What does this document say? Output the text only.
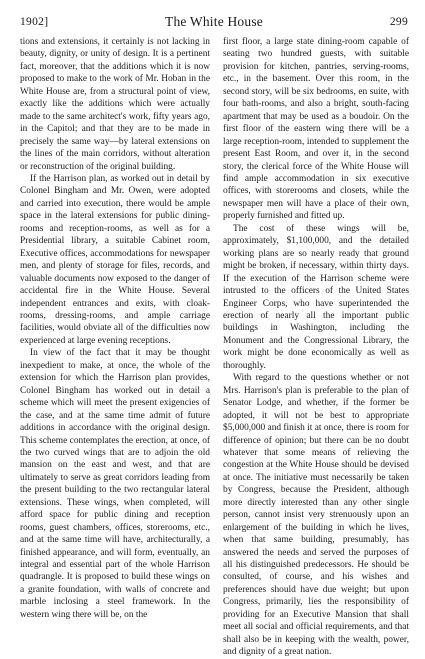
1902]	The White House	299

tions and extensions, it certainly is not lacking in beauty, dignity, or unity of design. It is a pertinent fact, moreover, that the additions which it is now proposed to make to the work of Mr. Hoban in the White House are, from a structural point of view, exactly like the additions which were actually made to the same architect's work, fifty years ago, in the Capitol; and that they are to be made in precisely the same way—by lateral extensions on the lines of the main corridors, without alteration or reconstruction of the original building.

If the Harrison plan, as worked out in detail by Colonel Bingham and Mr. Owen, were adopted and carried into execution, there would be ample space in the lateral extensions for public dining-rooms and reception-rooms, as well as for a Presidential library, a suitable Cabinet room, Executive offices, accommodations for newspaper men, and plenty of storage for files, records, and valuable documents now exposed to the danger of accidental fire in the White House. Several independent entrances and exits, with cloak-rooms, dressing-rooms, and ample carriage facilities, would obviate all of the difficulties now experienced at large evening receptions.

In view of the fact that it may be thought inexpedient to make, at once, the whole of the extension for which the Harrison plan provides, Colonel Bingham has worked out in detail a scheme which will meet the present exigencies of the case, and at the same time admit of future additions in accordance with the original design. This scheme contemplates the erection, at once, of the two curved wings that are to adjoin the old mansion on the east and west, and that are ultimately to serve as great corridors leading from the present building to the two rectangular lateral extensions. These wings, when completed, will afford space for public dining and reception rooms, guest chambers, offices, storerooms, etc., and at the same time will have, architecturally, a finished appearance, and will form, eventually, an integral and essential part of the whole Harrison quadrangle. It is proposed to build these wings on a granite foundation, with walls of concrete and marble inclosing a steel framework. In the western wing there will be, on the

first floor, a large state dining-room capable of seating two hundred guests, with suitable provision for kitchen, pantries, serving-rooms, etc., in the basement. Over this room, in the second story, will be six bedrooms, en suite, with four bath-rooms, and also a bright, south-facing apartment that may be used as a boudoir. On the first floor of the eastern wing there will be a large reception-room, intended to supplement the present East Room, and over it, in the second story, the clerical force of the White House will find ample accommodation in six executive offices, with storerooms and closets, while the newspaper men will have a place of their own, properly furnished and fitted up.

The cost of these wings will be, approximately, $1,100,000, and the detailed working plans are so nearly ready that ground might be broken, if necessary, within thirty days. If the execution of the Harrison scheme were intrusted to the officers of the United States Engineer Corps, who have superintended the erection of nearly all the important public buildings in Washington, including the Monument and the Congressional Library, the work might be done economically as well as thoroughly.

With regard to the questions whether or not Mrs. Harrison's plan is preferable to the plan of Senator Lodge, and whether, if the former be adopted, it will not be best to appropriate $5,000,000 and finish it at once, there is room for difference of opinion; but there can be no doubt whatever that some means of relieving the congestion at the White House should be devised at once. The initiative must necessarily be taken by Congress, because the President, although more directly interested than any other single person, cannot insist very strenuously upon an enlargement of the building in which he lives, when that same building, presumably, has answered the needs and served the purposes of all his distinguished predecessors. He should be consulted, of course, and his wishes and preferences should have due weight; but upon Congress, primarily, lies the responsibility of providing for an Executive Mansion that shall meet all social and official requirements, and that shall also be in keeping with the wealth, power, and dignity of a great nation.
